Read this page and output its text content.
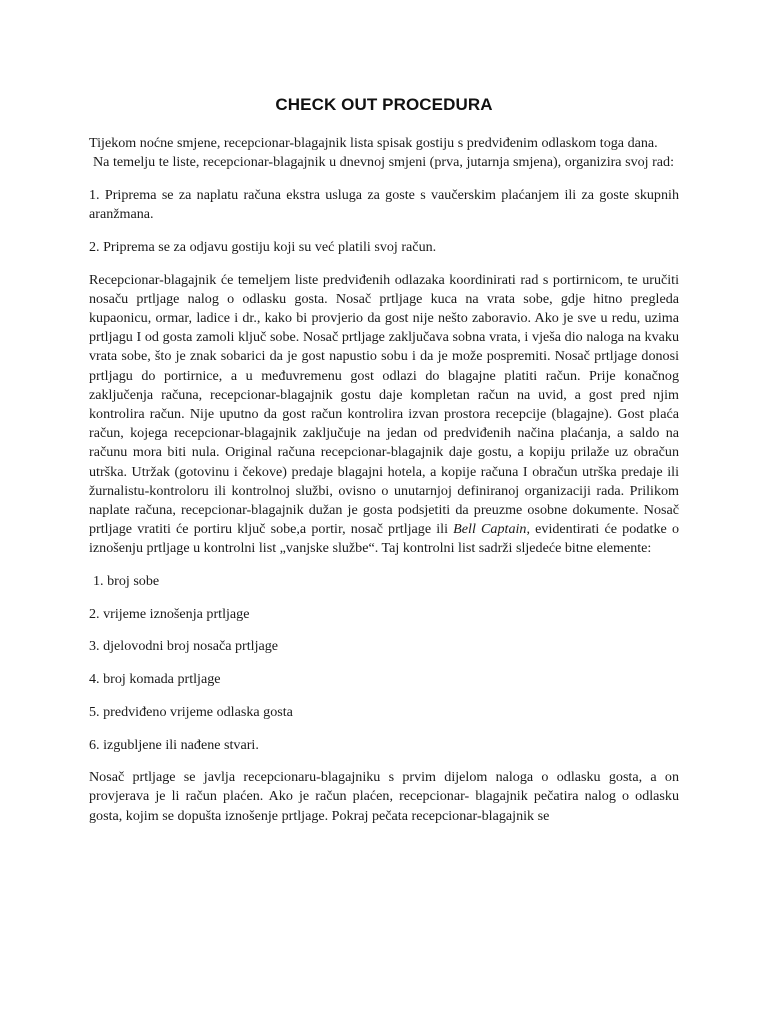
CHECK OUT PROCEDURA

Tijekom noćne smjene, recepcionar-blagajnik lista spisak gostiju s predviđenim odlaskom toga dana.
Na temelju te liste, recepcionar-blagajnik u dnevnoj smjeni (prva, jutarnja smjena), organizira svoj rad:

1. Priprema se za naplatu računa ekstra usluga za goste s vaučerskim plaćanjem ili za goste skupnih aranžmana.

2. Priprema se za odjavu gostiju koji su već platili svoj račun.

Recepcionar-blagajnik će temeljem liste predviđenih odlazaka koordinirati rad s portirnicom, te uručiti nosaču prtljage nalog o odlasku gosta. Nosač prtljage kuca na vrata sobe, gdje hitno pregleda kupaonicu, ormar, ladice i dr., kako bi provjerio da gost nije nešto zaboravio. Ako je sve u redu, uzima prtljagu I od gosta zamoli ključ sobe. Nosač prtljage zaključava sobna vrata, i vješa dio naloga na kvaku vrata sobe, što je znak sobarici da je gost napustio sobu i da je može pospremiti. Nosač prtljage donosi prtljagu do portirnice, a u međuvremenu gost odlazi do blagajne platiti račun. Prije konačnog zaključenja računa, recepcionar-blagajnik gostu daje kompletan račun na uvid, a gost pred njim kontrolira račun. Nije uputno da gost račun kontrolira izvan prostora recepcije (blagajne). Gost plaća račun, kojega recepcionar-blagajnik zaključuje na jedan od predviđenih načina plaćanja, a saldo na računu mora biti nula. Original računa recepcionar-blagajnik daje gostu, a kopiju prilaže uz obračun utrška. Utržak (gotovinu i čekove) predaje blagajni hotela, a kopije računa I obračun utrška predaje ili žurnalistu-kontroloru ili kontrolnoj službi, ovisno o unutarnjoj definiranoj organizaciji rada. Prilikom naplate računa, recepcionar-blagajnik dužan je gosta podsjetiti da preuzme osobne dokumente. Nosač prtljage vratiti će portiru ključ sobe,a portir, nosač prtljage ili Bell Captain, evidentirati će podatke o iznošenju prtljage u kontrolni list „vanjske službe“. Taj kontrolni list sadrži sljedeće bitne elemente:

1. broj sobe

2. vrijeme iznošenja prtljage

3. djelovodni broj nosača prtljage

4. broj komada prtljage

5. predviđeno vrijeme odlaska gosta

6. izgubljene ili nađene stvari.

Nosač prtljage se javlja recepcionaru-blagajniku s prvim dijelom naloga o odlasku gosta, a on provjerava je li račun plaćen. Ako je račun plaćen, recepcionar- blagajnik pečatira nalog o odlasku gosta, kojim se dopušta iznošenje prtljage. Pokraj pečata recepcionar-blagajnik se
